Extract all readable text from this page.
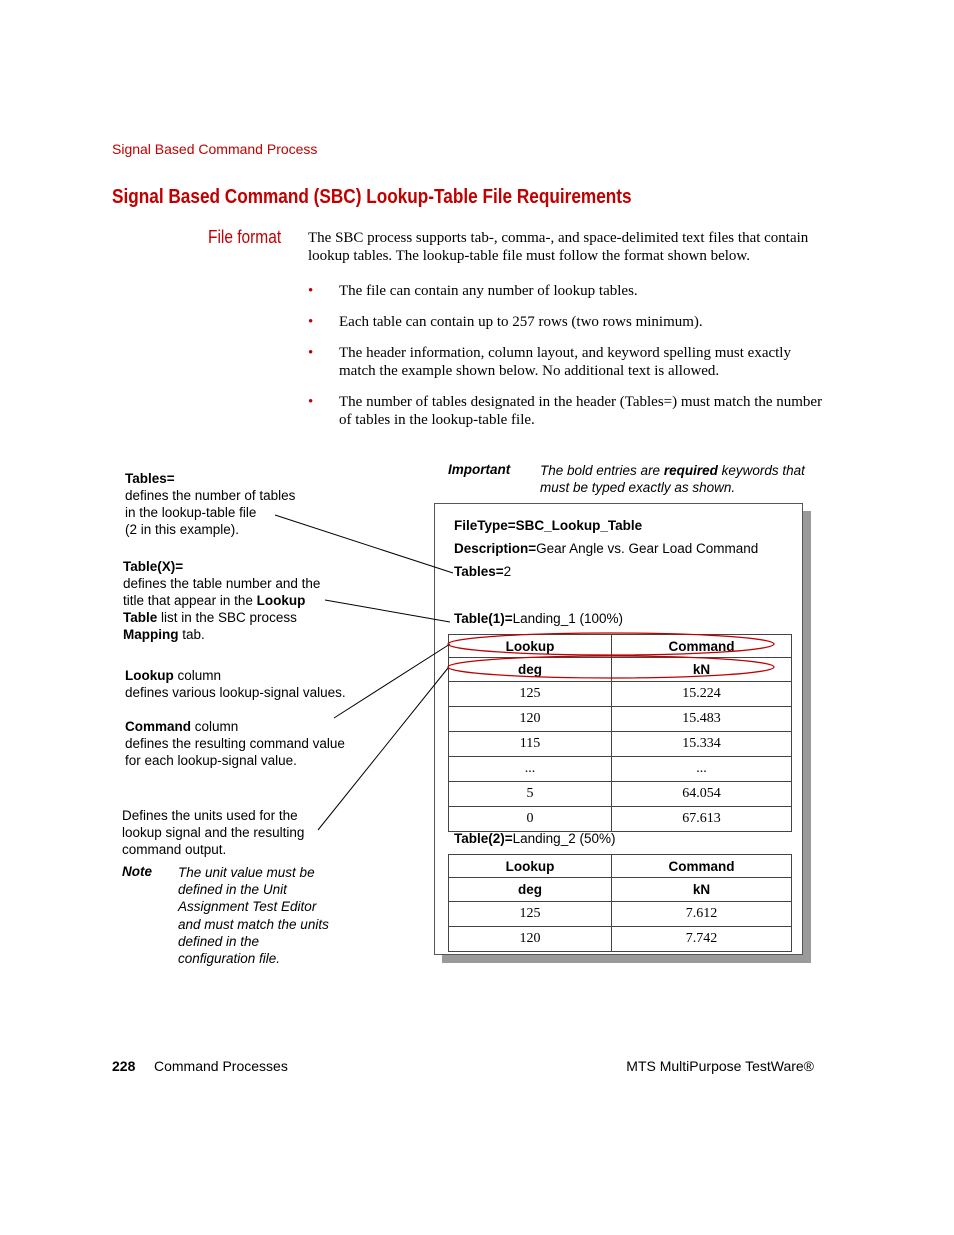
Signal Based Command Process
Signal Based Command (SBC) Lookup-Table File Requirements
File format The SBC process supports tab-, comma-, and space-delimited text files that contain lookup tables. The lookup-table file must follow the format shown below.
• The file can contain any number of lookup tables.
• Each table can contain up to 257 rows (two rows minimum).
• The header information, column layout, and keyword spelling must exactly match the example shown below. No additional text is allowed.
• The number of tables designated in the header (Tables=) must match the number of tables in the lookup-table file.
Tables=
defines the number of tables
in the lookup-table file
(2 in this example).
Table(X)=
defines the table number and the
title that appear in the Lookup
Table list in the SBC process
Mapping tab.
Lookup column
defines various lookup-signal values.
Command column
defines the resulting command value
for each lookup-signal value.
Defines the units used for the
lookup signal and the resulting
command output.
Note The unit value must be defined in the Unit Assignment Test Editor and must match the units defined in the configuration file.
Important The bold entries are required keywords that must be typed exactly as shown.
FileType=SBC_Lookup_Table
Description=Gear Angle vs. Gear Load Command
Tables=2
Table(1)=Landing_1 (100%)
Lookup	Command
deg	kN
125	15.224
120	15.483
115	15.334
...	...
5	64.054
0	67.613
Table(2)=Landing_2 (50%)
Lookup	Command
deg	kN
125	7.612
120	7.742
228 Command Processes	MTS MultiPurpose TestWare®
